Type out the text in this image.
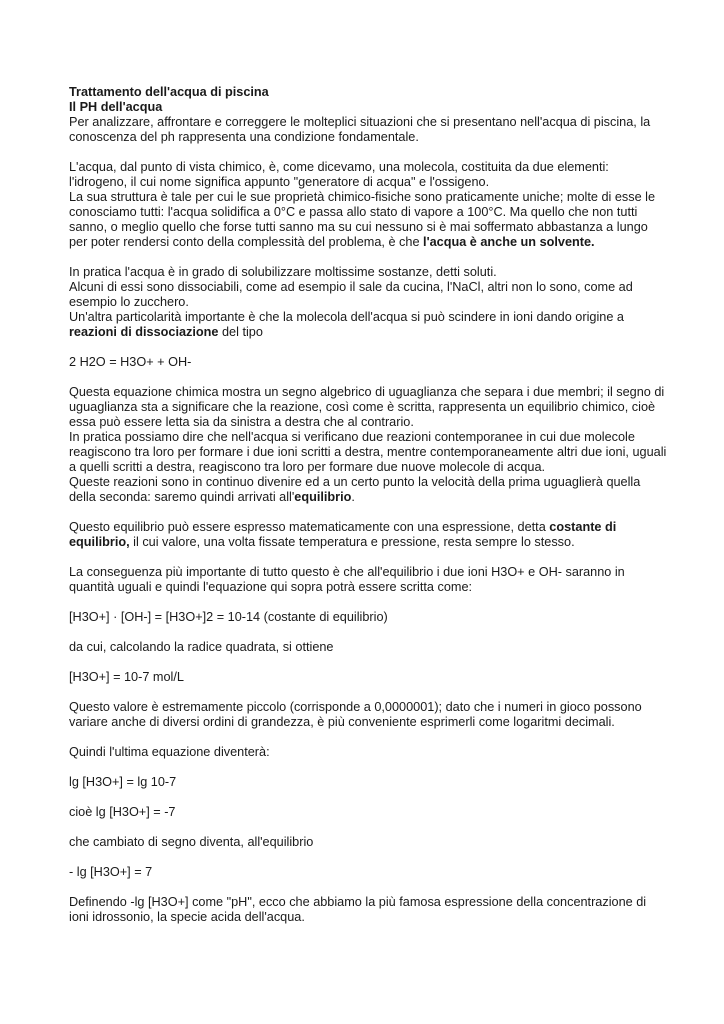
Trattamento dell'acqua di piscina

Il PH dell'acqua

Per analizzare, affrontare e correggere le molteplici situazioni che si presentano nell'acqua di piscina, la conoscenza del ph rappresenta una condizione fondamentale.

L'acqua, dal punto di vista chimico, è, come dicevamo, una molecola, costituita da due elementi: l'idrogeno, il cui nome significa appunto "generatore di acqua" e l'ossigeno.

La sua struttura è tale per cui le sue proprietà chimico-fisiche sono praticamente uniche; molte di esse le conosciamo tutti: l'acqua solidifica a 0°C e passa allo stato di vapore a 100°C. Ma quello che non tutti sanno, o meglio quello che forse tutti sanno ma su cui nessuno si è mai soffermato abbastanza a lungo per poter rendersi conto della complessità del problema, è che l'acqua è anche un solvente.

In pratica l'acqua è in grado di solubilizzare moltissime sostanze, detti soluti.

Alcuni di essi sono dissociabili, come ad esempio il sale da cucina, l'NaCl, altri non lo sono, come ad esempio lo zucchero.

Un'altra particolarità importante è che la molecola dell'acqua si può scindere in ioni dando origine a reazioni di dissociazione del tipo

2 H2O = H3O+ + OH-

Questa equazione chimica mostra un segno algebrico di uguaglianza che separa i due membri; il segno di uguaglianza sta a significare che la reazione, così come è scritta, rappresenta un equilibrio chimico, cioè essa può essere letta sia da sinistra a destra che al contrario.

In pratica possiamo dire che nell'acqua si verificano due reazioni contemporanee in cui due molecole reagiscono tra loro per formare i due ioni scritti a destra, mentre contemporaneamente altri due ioni, uguali a quelli scritti a destra, reagiscono tra loro per formare due nuove molecole di acqua.

Queste reazioni sono in continuo divenire ed a un certo punto la velocità della prima uguaglierà quella della seconda: saremo quindi arrivati all'equilibrio.

Questo equilibrio può essere espresso matematicamente con una espressione, detta costante di equilibrio, il cui valore, una volta fissate temperatura e pressione, resta sempre lo stesso.

La conseguenza più importante di tutto questo è che all'equilibrio i due ioni H3O+ e OH- saranno in quantità uguali e quindi l'equazione qui sopra potrà essere scritta come:

[H3O+] · [OH-] = [H3O+]2 = 10-14 (costante di equilibrio)

da cui, calcolando la radice quadrata, si ottiene

[H3O+] = 10-7 mol/L

Questo valore è estremamente piccolo (corrisponde a 0,0000001); dato che i numeri in gioco possono variare anche di diversi ordini di grandezza, è più conveniente esprimerli come logaritmi decimali.

Quindi l'ultima equazione diventerà:

lg [H3O+] = lg 10-7

cioè lg [H3O+] = -7

che cambiato di segno diventa, all'equilibrio

- lg [H3O+] = 7

Definendo -lg [H3O+] come "pH", ecco che abbiamo la più famosa espressione della concentrazione di ioni idrossonio, la specie acida dell'acqua.
